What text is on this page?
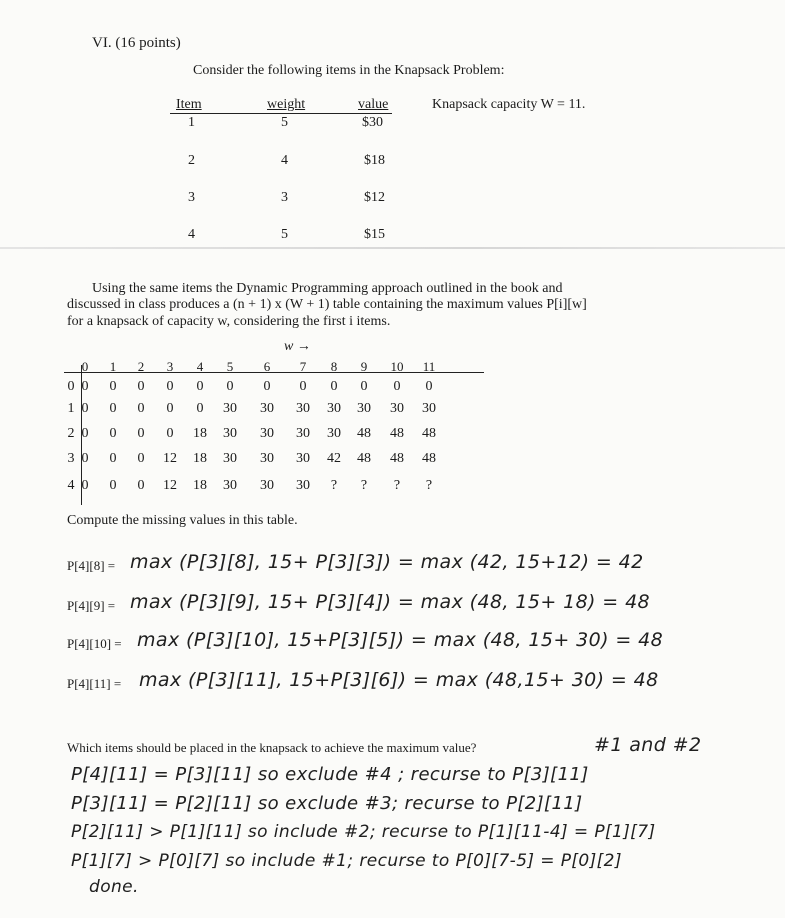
VI. (16 points)
Consider the following items in the Knapsack Problem:
Item	weight	value
1	5	$30
2	4	$18
3	3	$12
4	5	$15
Knapsack capacity W = 11.
Using the same items the Dynamic Programming approach outlined in the book and
discussed in class produces a (n + 1) x (W + 1) table containing the maximum values P[i][w]
for a knapsack of capacity w, considering the first i items.
w →
0	1	2	3	4	5	6	7	8	9	10	11
0 0	0	0	0	0	0	0	0	0	0	0	0
1 0	0	0	0	0	30	30	30	30	30	30	30
2 0	0	0	0	18	30	30	30	30	48	48	48
3 0	0	0	12	18	30	30	30	42	48	48	48
4 0	0	0	12	18	30	30	30	?	?	?	?
Compute the missing values in this table.
P[4][8] = max (P[3][8], 15+ P[3][3]) = max (42, 15+12) = 42
P[4][9] = max (P[3][9], 15+ P[3][4]) = max (48, 15+ 18) = 48
P[4][10] = max (P[3][10], 15+P[3][5]) = max (48, 15+ 30) = 48
P[4][11] = max (P[3][11], 15+P[3][6]) = max (48,15+ 30) = 48
Which items should be placed in the knapsack to achieve the maximum value?	#1 and #2
P[4][11] = P[3][11] so exclude #4 ; recurse to P[3][11]
P[3][11] = P[2][11] so exclude #3; recurse to P[2][11]
P[2][11] > P[1][11] so include #2; recurse to P[1][11-4] = P[1][7]
P[1][7] > P[0][7] so include #1; recurse to P[0][7-5] = P[0][2]
done.
